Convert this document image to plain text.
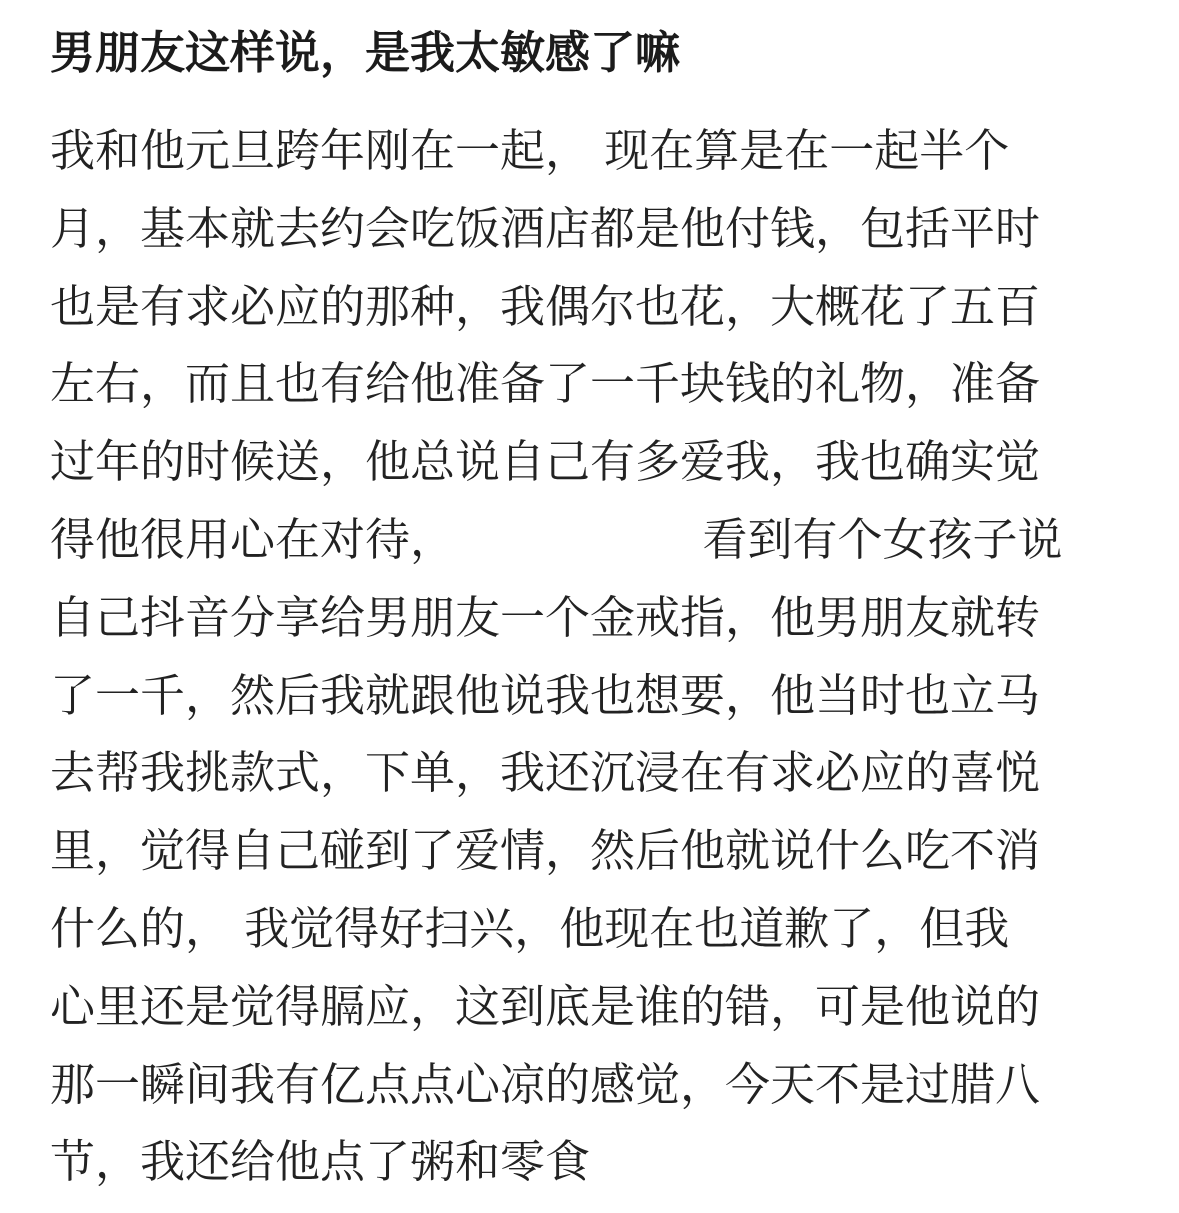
男朋友这样说，是我太敏感了嘛
我和他元旦跨年刚在一起， 现在算是在一起半个
月，基本就去约会吃饭酒店都是他付钱，包括平时
也是有求必应的那种，我偶尔也花，大概花了五百
左右，而且也有给他准备了一千块钱的礼物，准备
过年的时候送，他总说自己有多爱我，我也确实觉
得他很用心在对待，　　　　　　看到有个女孩子说
自己抖音分享给男朋友一个金戒指，他男朋友就转
了一千，然后我就跟他说我也想要，他当时也立马
去帮我挑款式，下单，我还沉浸在有求必应的喜悦
里，觉得自己碰到了爱情，然后他就说什么吃不消
什么的， 我觉得好扫兴，他现在也道歉了，但我
心里还是觉得膈应，这到底是谁的错，可是他说的
那一瞬间我有亿点点心凉的感觉，今天不是过腊八
节，我还给他点了粥和零食
